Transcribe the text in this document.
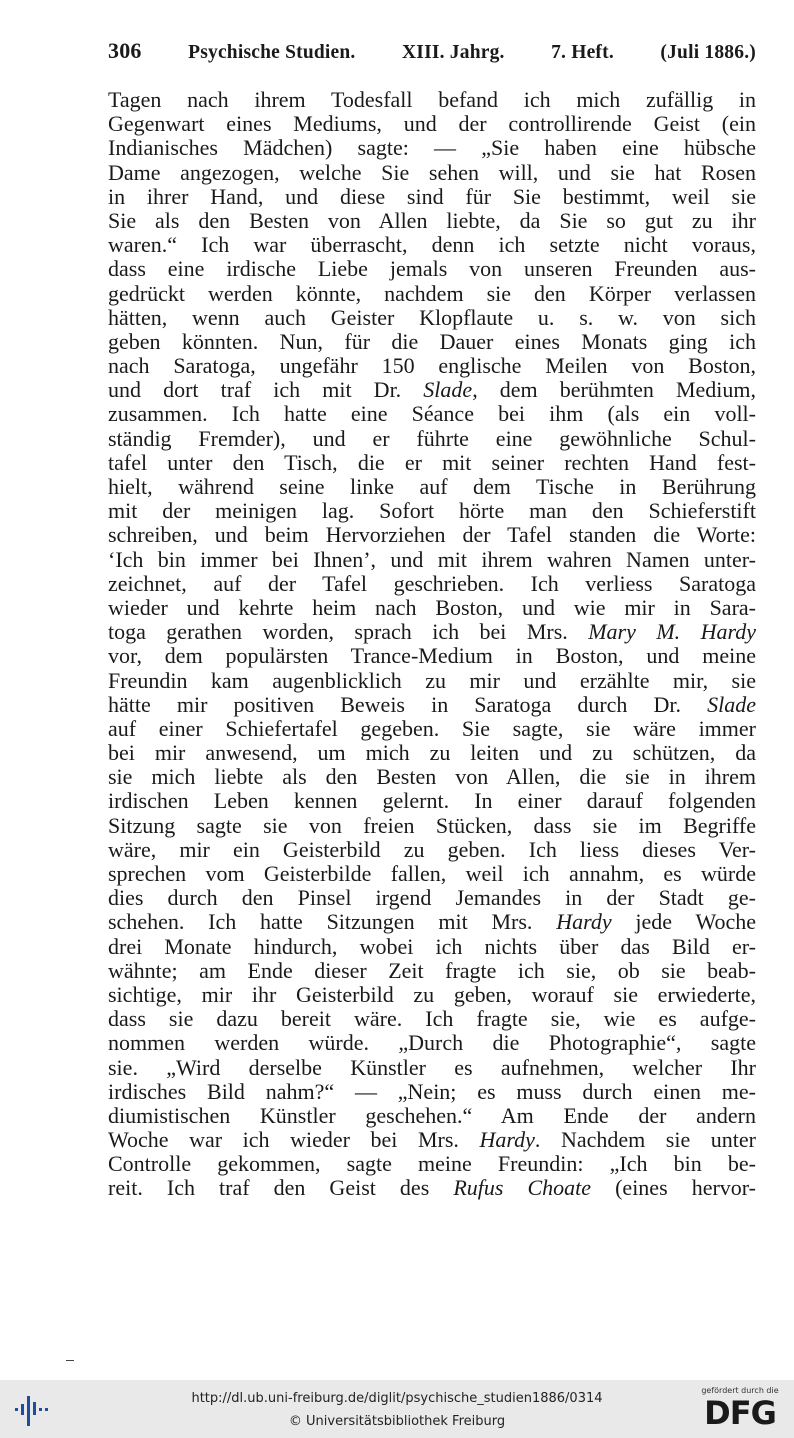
306 Psychische Studien. XIII. Jahrg. 7. Heft. (Juli 1886.)
Tagen nach ihrem Todesfall befand ich mich zufällig in
Gegenwart eines Mediums, und der controllirende Geist (ein
Indianisches Mädchen) sagte: — „Sie haben eine hübsche
Dame angezogen, welche Sie sehen will, und sie hat Rosen
in ihrer Hand, und diese sind für Sie bestimmt, weil sie
Sie als den Besten von Allen liebte, da Sie so gut zu ihr
waren.“ Ich war überrascht, denn ich setzte nicht voraus,
dass eine irdische Liebe jemals von unseren Freunden aus-
gedrückt werden könnte, nachdem sie den Körper verlassen
hätten, wenn auch Geister Klopflaute u. s. w. von sich
geben könnten. Nun, für die Dauer eines Monats ging ich
nach Saratoga, ungefähr 150 englische Meilen von Boston,
und dort traf ich mit Dr. Slade, dem berühmten Medium,
zusammen. Ich hatte eine Séance bei ihm (als ein voll-
ständig Fremder), und er führte eine gewöhnliche Schul-
tafel unter den Tisch, die er mit seiner rechten Hand fest-
hielt, während seine linke auf dem Tische in Berührung
mit der meinigen lag. Sofort hörte man den Schieferstift
schreiben, und beim Hervorziehen der Tafel standen die Worte:
‘Ich bin immer bei Ihnen’, und mit ihrem wahren Namen unter-
zeichnet, auf der Tafel geschrieben. Ich verliess Saratoga
wieder und kehrte heim nach Boston, und wie mir in Sara-
toga gerathen worden, sprach ich bei Mrs. Mary M. Hardy
vor, dem populärsten Trance-Medium in Boston, und meine
Freundin kam augenblicklich zu mir und erzählte mir, sie
hätte mir positiven Beweis in Saratoga durch Dr. Slade
auf einer Schiefertafel gegeben. Sie sagte, sie wäre immer
bei mir anwesend, um mich zu leiten und zu schützen, da
sie mich liebte als den Besten von Allen, die sie in ihrem
irdischen Leben kennen gelernt. In einer darauf folgenden
Sitzung sagte sie von freien Stücken, dass sie im Begriffe
wäre, mir ein Geisterbild zu geben. Ich liess dieses Ver-
sprechen vom Geisterbilde fallen, weil ich annahm, es würde
dies durch den Pinsel irgend Jemandes in der Stadt ge-
schehen. Ich hatte Sitzungen mit Mrs. Hardy jede Woche
drei Monate hindurch, wobei ich nichts über das Bild er-
wähnte; am Ende dieser Zeit fragte ich sie, ob sie beab-
sichtige, mir ihr Geisterbild zu geben, worauf sie erwiederte,
dass sie dazu bereit wäre. Ich fragte sie, wie es aufge-
nommen werden würde. „Durch die Photographie“, sagte
sie. „Wird derselbe Künstler es aufnehmen, welcher Ihr
irdisches Bild nahm?“ — „Nein; es muss durch einen me-
diumistischen Künstler geschehen.“ Am Ende der andern
Woche war ich wieder bei Mrs. Hardy. Nachdem sie unter
Controlle gekommen, sagte meine Freundin: „Ich bin be-
reit. Ich traf den Geist des Rufus Choate (eines hervor-
http://dl.ub.uni-freiburg.de/diglit/psychische_studien1886/0314
© Universitätsbibliothek Freiburg
gefördert durch die
DFG
